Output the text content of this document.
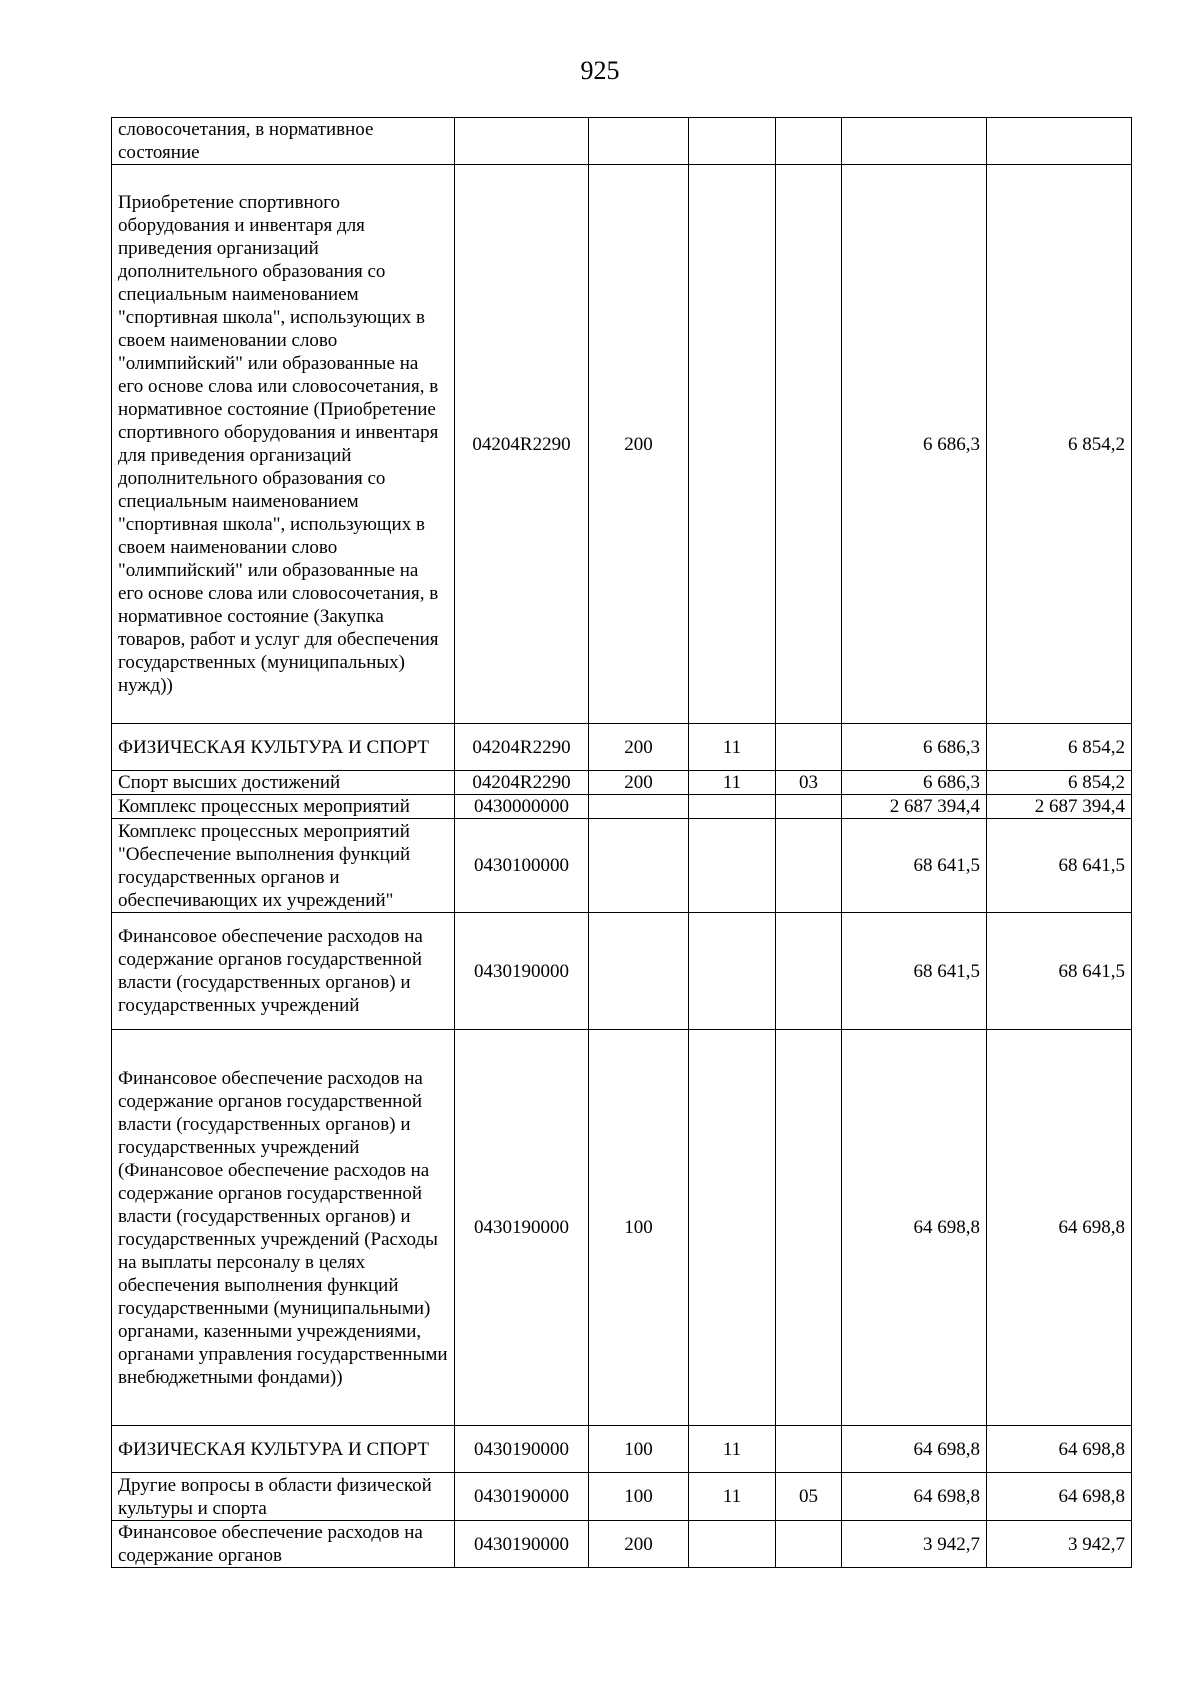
925
словосочетания, в нормативное состояние						
Приобретение спортивного оборудования и инвентаря для приведения организаций дополнительного образования со специальным наименованием "спортивная школа", использующих в своем наименовании слово "олимпийский" или образованные на его основе слова или словосочетания, в нормативное состояние (Приобретение спортивного оборудования и инвентаря для приведения организаций дополнительного образования со специальным наименованием "спортивная школа", использующих в своем наименовании слово "олимпийский" или образованные на его основе слова или словосочетания, в нормативное состояние (Закупка товаров, работ и услуг для обеспечения государственных (муниципальных) нужд))	04204R2290	200			6 686,3	6 854,2
ФИЗИЧЕСКАЯ КУЛЬТУРА И СПОРТ	04204R2290	200	11		6 686,3	6 854,2
Спорт высших достижений	04204R2290	200	11	03	6 686,3	6 854,2
Комплекс процессных мероприятий	0430000000				2 687 394,4	2 687 394,4
Комплекс процессных мероприятий "Обеспечение выполнения функций государственных органов и обеспечивающих их учреждений"	0430100000				68 641,5	68 641,5
Финансовое обеспечение расходов на содержание органов государственной власти (государственных органов) и государственных учреждений	0430190000				68 641,5	68 641,5
Финансовое обеспечение расходов на содержание органов государственной власти (государственных органов) и государственных учреждений (Финансовое обеспечение расходов на содержание органов государственной власти (государственных органов) и государственных учреждений (Расходы на выплаты персоналу в целях обеспечения выполнения функций государственными (муниципальными) органами, казенными учреждениями, органами управления государственными внебюджетными фондами))	0430190000	100			64 698,8	64 698,8
ФИЗИЧЕСКАЯ КУЛЬТУРА И СПОРТ	0430190000	100	11		64 698,8	64 698,8
Другие вопросы в области физической культуры и спорта	0430190000	100	11	05	64 698,8	64 698,8
Финансовое обеспечение расходов на содержание органов	0430190000	200			3 942,7	3 942,7
